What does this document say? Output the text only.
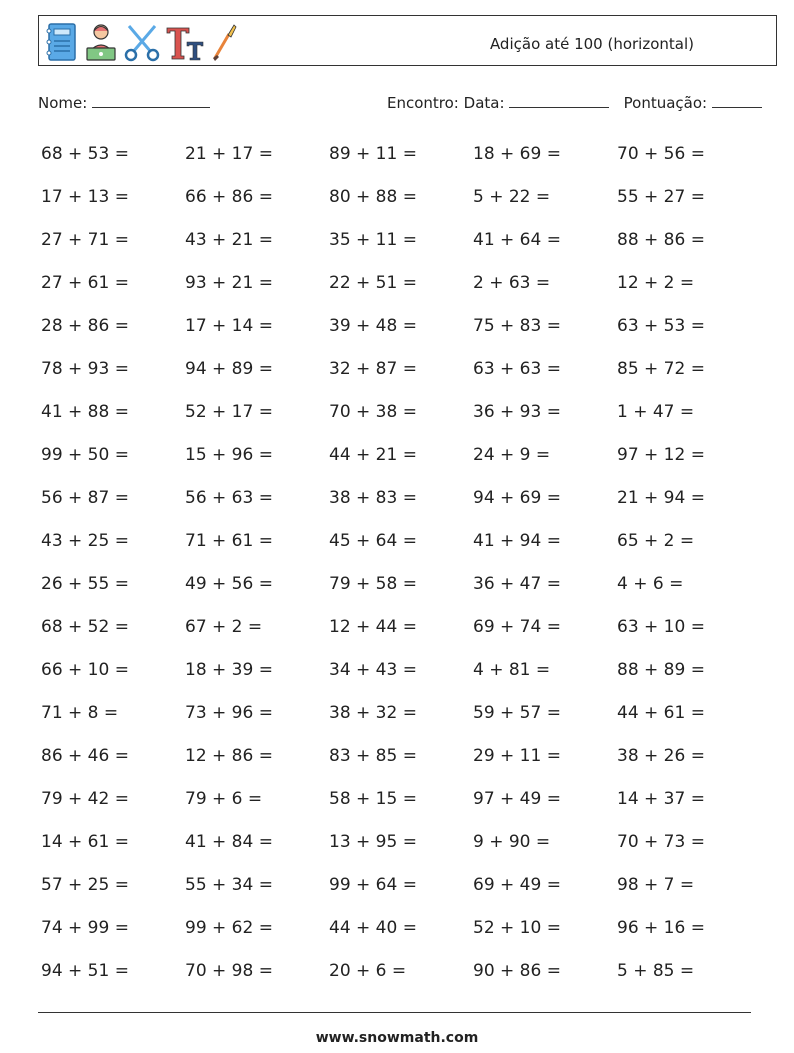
Adição até 100 (horizontal)
Nome:	Encontro: Data:	Pontuação:
68 + 53 =	21 + 17 =	89 + 11 =	18 + 69 =	70 + 56 =
17 + 13 =	66 + 86 =	80 + 88 =	5 + 22 =	55 + 27 =
27 + 71 =	43 + 21 =	35 + 11 =	41 + 64 =	88 + 86 =
27 + 61 =	93 + 21 =	22 + 51 =	2 + 63 =	12 + 2 =
28 + 86 =	17 + 14 =	39 + 48 =	75 + 83 =	63 + 53 =
78 + 93 =	94 + 89 =	32 + 87 =	63 + 63 =	85 + 72 =
41 + 88 =	52 + 17 =	70 + 38 =	36 + 93 =	1 + 47 =
99 + 50 =	15 + 96 =	44 + 21 =	24 + 9 =	97 + 12 =
56 + 87 =	56 + 63 =	38 + 83 =	94 + 69 =	21 + 94 =
43 + 25 =	71 + 61 =	45 + 64 =	41 + 94 =	65 + 2 =
26 + 55 =	49 + 56 =	79 + 58 =	36 + 47 =	4 + 6 =
68 + 52 =	67 + 2 =	12 + 44 =	69 + 74 =	63 + 10 =
66 + 10 =	18 + 39 =	34 + 43 =	4 + 81 =	88 + 89 =
71 + 8 =	73 + 96 =	38 + 32 =	59 + 57 =	44 + 61 =
86 + 46 =	12 + 86 =	83 + 85 =	29 + 11 =	38 + 26 =
79 + 42 =	79 + 6 =	58 + 15 =	97 + 49 =	14 + 37 =
14 + 61 =	41 + 84 =	13 + 95 =	9 + 90 =	70 + 73 =
57 + 25 =	55 + 34 =	99 + 64 =	69 + 49 =	98 + 7 =
74 + 99 =	99 + 62 =	44 + 40 =	52 + 10 =	96 + 16 =
94 + 51 =	70 + 98 =	20 + 6 =	90 + 86 =	5 + 85 =
www.snowmath.com
